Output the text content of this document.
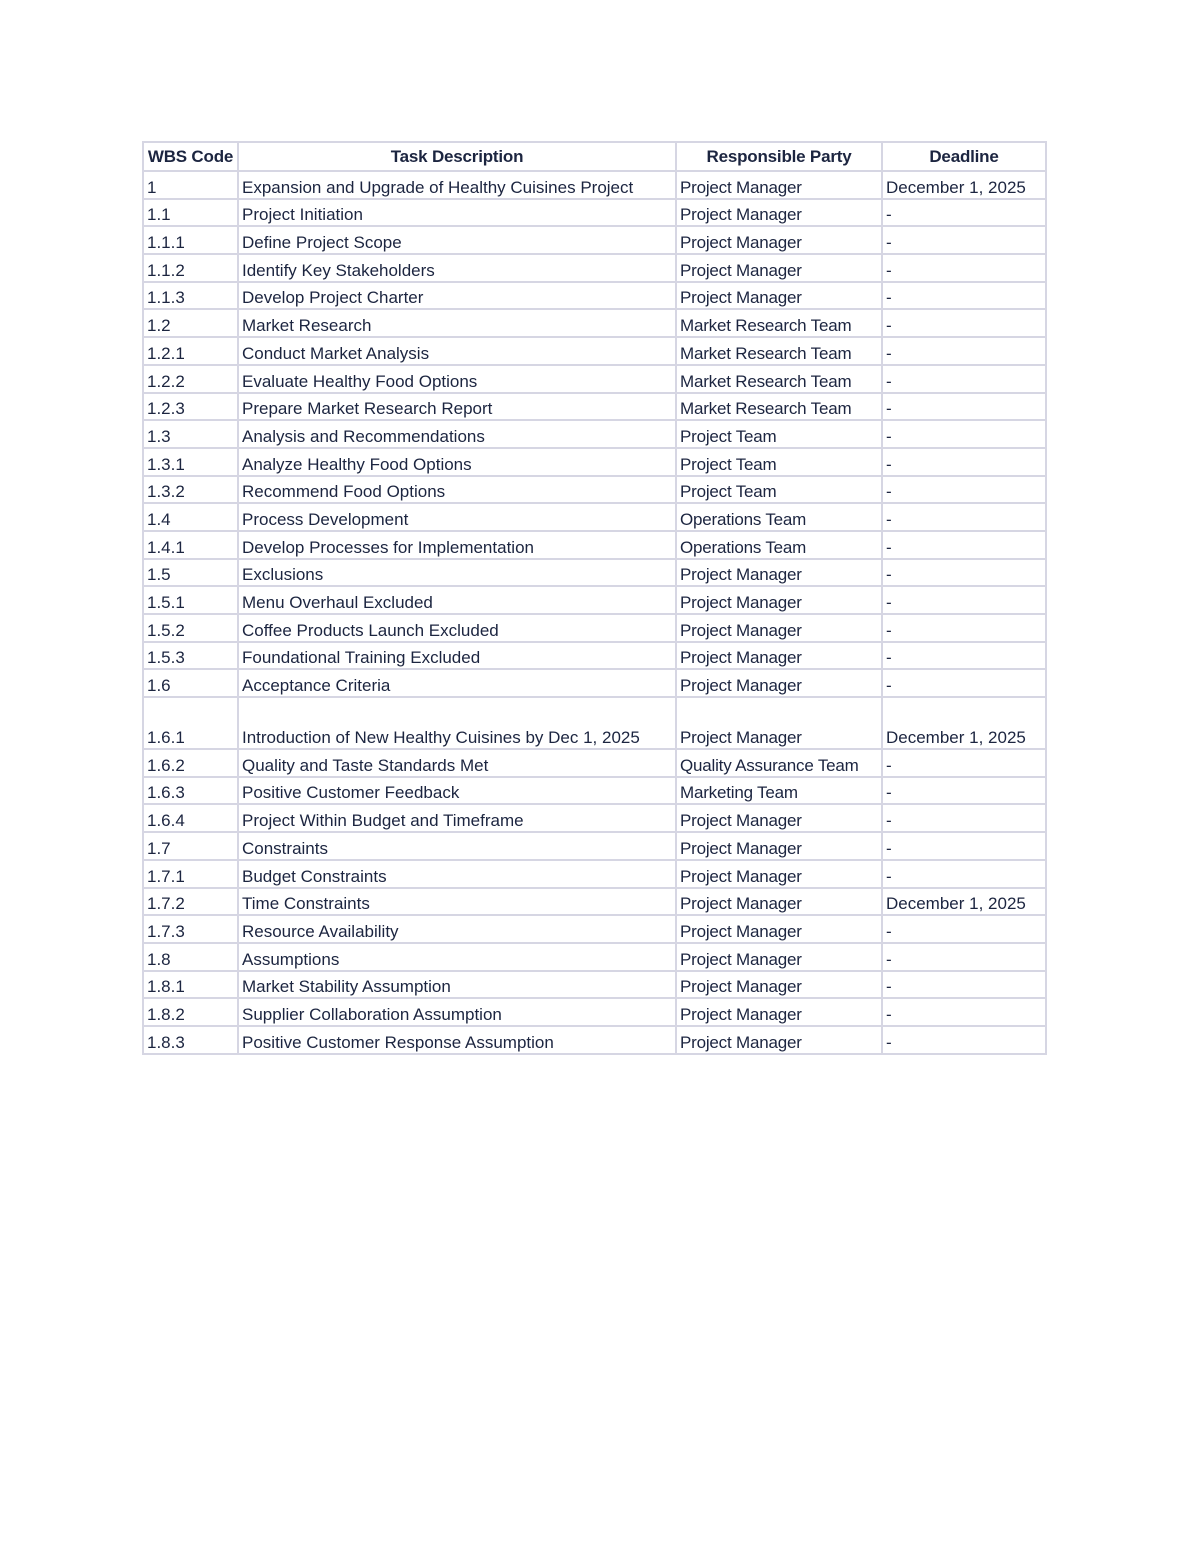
WBS Code	Task Description	Responsible Party	Deadline
1	Expansion and Upgrade of Healthy Cuisines Project	Project Manager	December 1, 2025
1.1	Project Initiation	Project Manager	-
1.1.1	Define Project Scope	Project Manager	-
1.1.2	Identify Key Stakeholders	Project Manager	-
1.1.3	Develop Project Charter	Project Manager	-
1.2	Market Research	Market Research Team	-
1.2.1	Conduct Market Analysis	Market Research Team	-
1.2.2	Evaluate Healthy Food Options	Market Research Team	-
1.2.3	Prepare Market Research Report	Market Research Team	-
1.3	Analysis and Recommendations	Project Team	-
1.3.1	Analyze Healthy Food Options	Project Team	-
1.3.2	Recommend Food Options	Project Team	-
1.4	Process Development	Operations Team	-
1.4.1	Develop Processes for Implementation	Operations Team	-
1.5	Exclusions	Project Manager	-
1.5.1	Menu Overhaul Excluded	Project Manager	-
1.5.2	Coffee Products Launch Excluded	Project Manager	-
1.5.3	Foundational Training Excluded	Project Manager	-
1.6	Acceptance Criteria	Project Manager	-
1.6.1	Introduction of New Healthy Cuisines by Dec 1, 2025	Project Manager	December 1, 2025
1.6.2	Quality and Taste Standards Met	Quality Assurance Team	-
1.6.3	Positive Customer Feedback	Marketing Team	-
1.6.4	Project Within Budget and Timeframe	Project Manager	-
1.7	Constraints	Project Manager	-
1.7.1	Budget Constraints	Project Manager	-
1.7.2	Time Constraints	Project Manager	December 1, 2025
1.7.3	Resource Availability	Project Manager	-
1.8	Assumptions	Project Manager	-
1.8.1	Market Stability Assumption	Project Manager	-
1.8.2	Supplier Collaboration Assumption	Project Manager	-
1.8.3	Positive Customer Response Assumption	Project Manager	-
